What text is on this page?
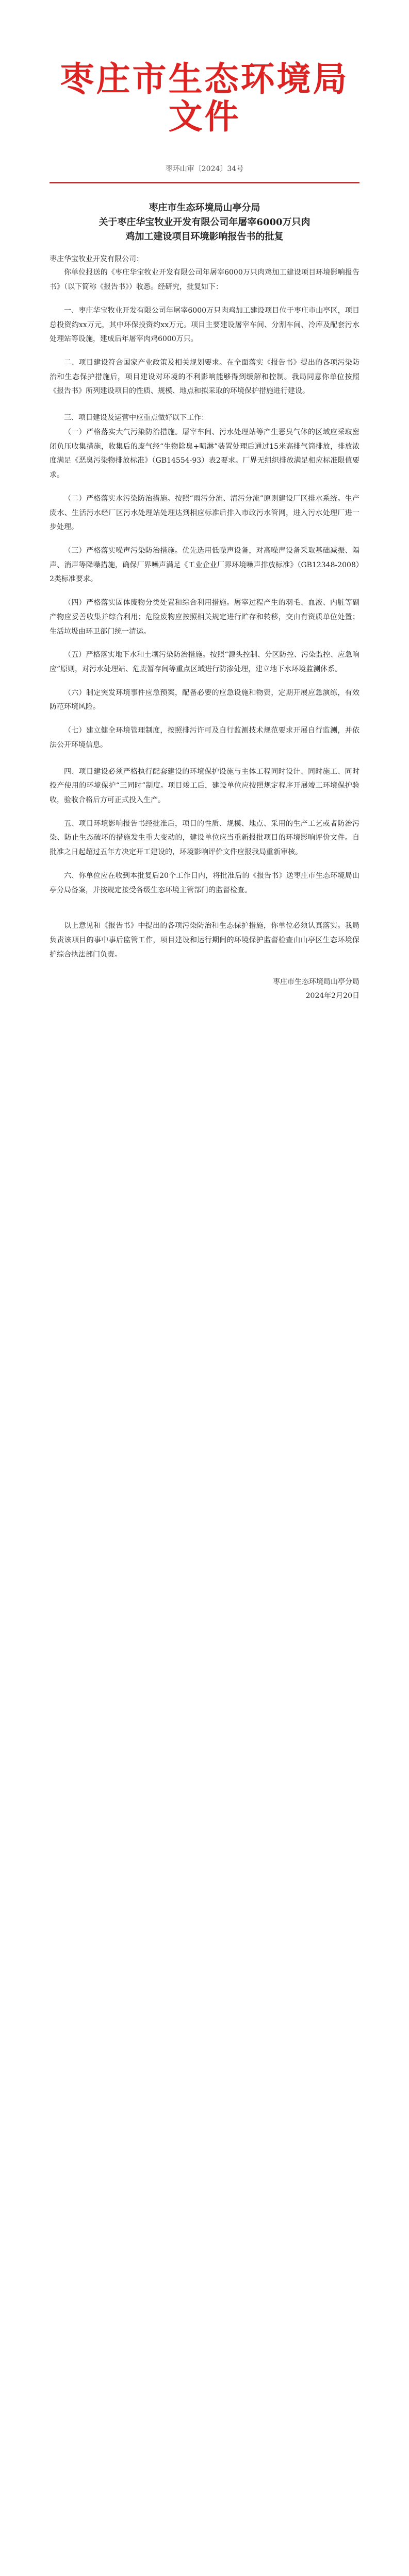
枣庄市生态环境局文件
枣环山审〔2024〕34号
枣庄市生态环境局山亭分局
关于枣庄华宝牧业开发有限公司年屠宰6000万只肉
鸡加工建设项目环境影响报告书的批复
枣庄华宝牧业开发有限公司：

你单位报送的《枣庄华宝牧业开发有限公司年屠宰6000万只肉鸡加工建设项目环境影响报告书》（以下简称《报告书》）收悉。经研究，批复如下：

一、枣庄华宝牧业开发有限公司年屠宰6000万只肉鸡加工建设项目位于枣庄市山亭区，项目总投资约xx万元，其中环保投资约xx万元。项目主要建设屠宰车间、分割车间、冷库及配套污水处理站等设施，建成后年屠宰肉鸡6000万只。

二、项目建设符合国家产业政策及相关规划要求。在全面落实《报告书》提出的各项污染防治和生态保护措施后，项目建设对环境的不利影响能够得到缓解和控制。我局同意你单位按照《报告书》所列建设项目的性质、规模、地点和拟采取的环境保护措施进行建设。

三、项目建设及运营中应重点做好以下工作：

（一）严格落实大气污染防治措施。屠宰车间、污水处理站等产生恶臭气体的区域应采取密闭负压收集措施，收集后的废气经“生物除臭+喷淋”装置处理后通过15米高排气筒排放，排放浓度满足《恶臭污染物排放标准》（GB14554-93）表2要求。厂界无组织排放满足相应标准限值要求。

（二）严格落实水污染防治措施。按照“雨污分流、清污分流”原则建设厂区排水系统。生产废水、生活污水经厂区污水处理站处理达到相应标准后排入市政污水管网，进入污水处理厂进一步处理。

（三）严格落实噪声污染防治措施。优先选用低噪声设备，对高噪声设备采取基础减振、隔声、消声等降噪措施，确保厂界噪声满足《工业企业厂界环境噪声排放标准》（GB12348-2008）2类标准要求。

（四）严格落实固体废物分类处置和综合利用措施。屠宰过程产生的羽毛、血液、内脏等副产物应妥善收集并综合利用；危险废物应按照相关规定进行贮存和转移，交由有资质单位处置；生活垃圾由环卫部门统一清运。

（五）严格落实地下水和土壤污染防治措施。按照“源头控制、分区防控、污染监控、应急响应”原则，对污水处理站、危废暂存间等重点区域进行防渗处理，建立地下水环境监测体系。

（六）制定突发环境事件应急预案，配备必要的应急设施和物资，定期开展应急演练，有效防范环境风险。

（七）建立健全环境管理制度，按照排污许可及自行监测技术规范要求开展自行监测，并依法公开环境信息。

四、项目建设必须严格执行配套建设的环境保护设施与主体工程同时设计、同时施工、同时投产使用的环境保护“三同时”制度。项目竣工后，建设单位应按照规定程序开展竣工环境保护验收，验收合格后方可正式投入生产。

五、项目环境影响报告书经批准后，项目的性质、规模、地点、采用的生产工艺或者防治污染、防止生态破坏的措施发生重大变动的，建设单位应当重新报批项目的环境影响评价文件。自批准之日起超过五年方决定开工建设的，环境影响评价文件应报我局重新审核。

六、你单位应在收到本批复后20个工作日内，将批准后的《报告书》送枣庄市生态环境局山亭分局备案，并按规定接受各级生态环境主管部门的监督检查。

以上意见和《报告书》中提出的各项污染防治和生态保护措施，你单位必须认真落实。我局负责该项目的事中事后监管工作，项目建设和运行期间的环境保护监督检查由山亭区生态环境保护综合执法部门负责。

枣庄市生态环境局山亭分局
2024年2月20日
